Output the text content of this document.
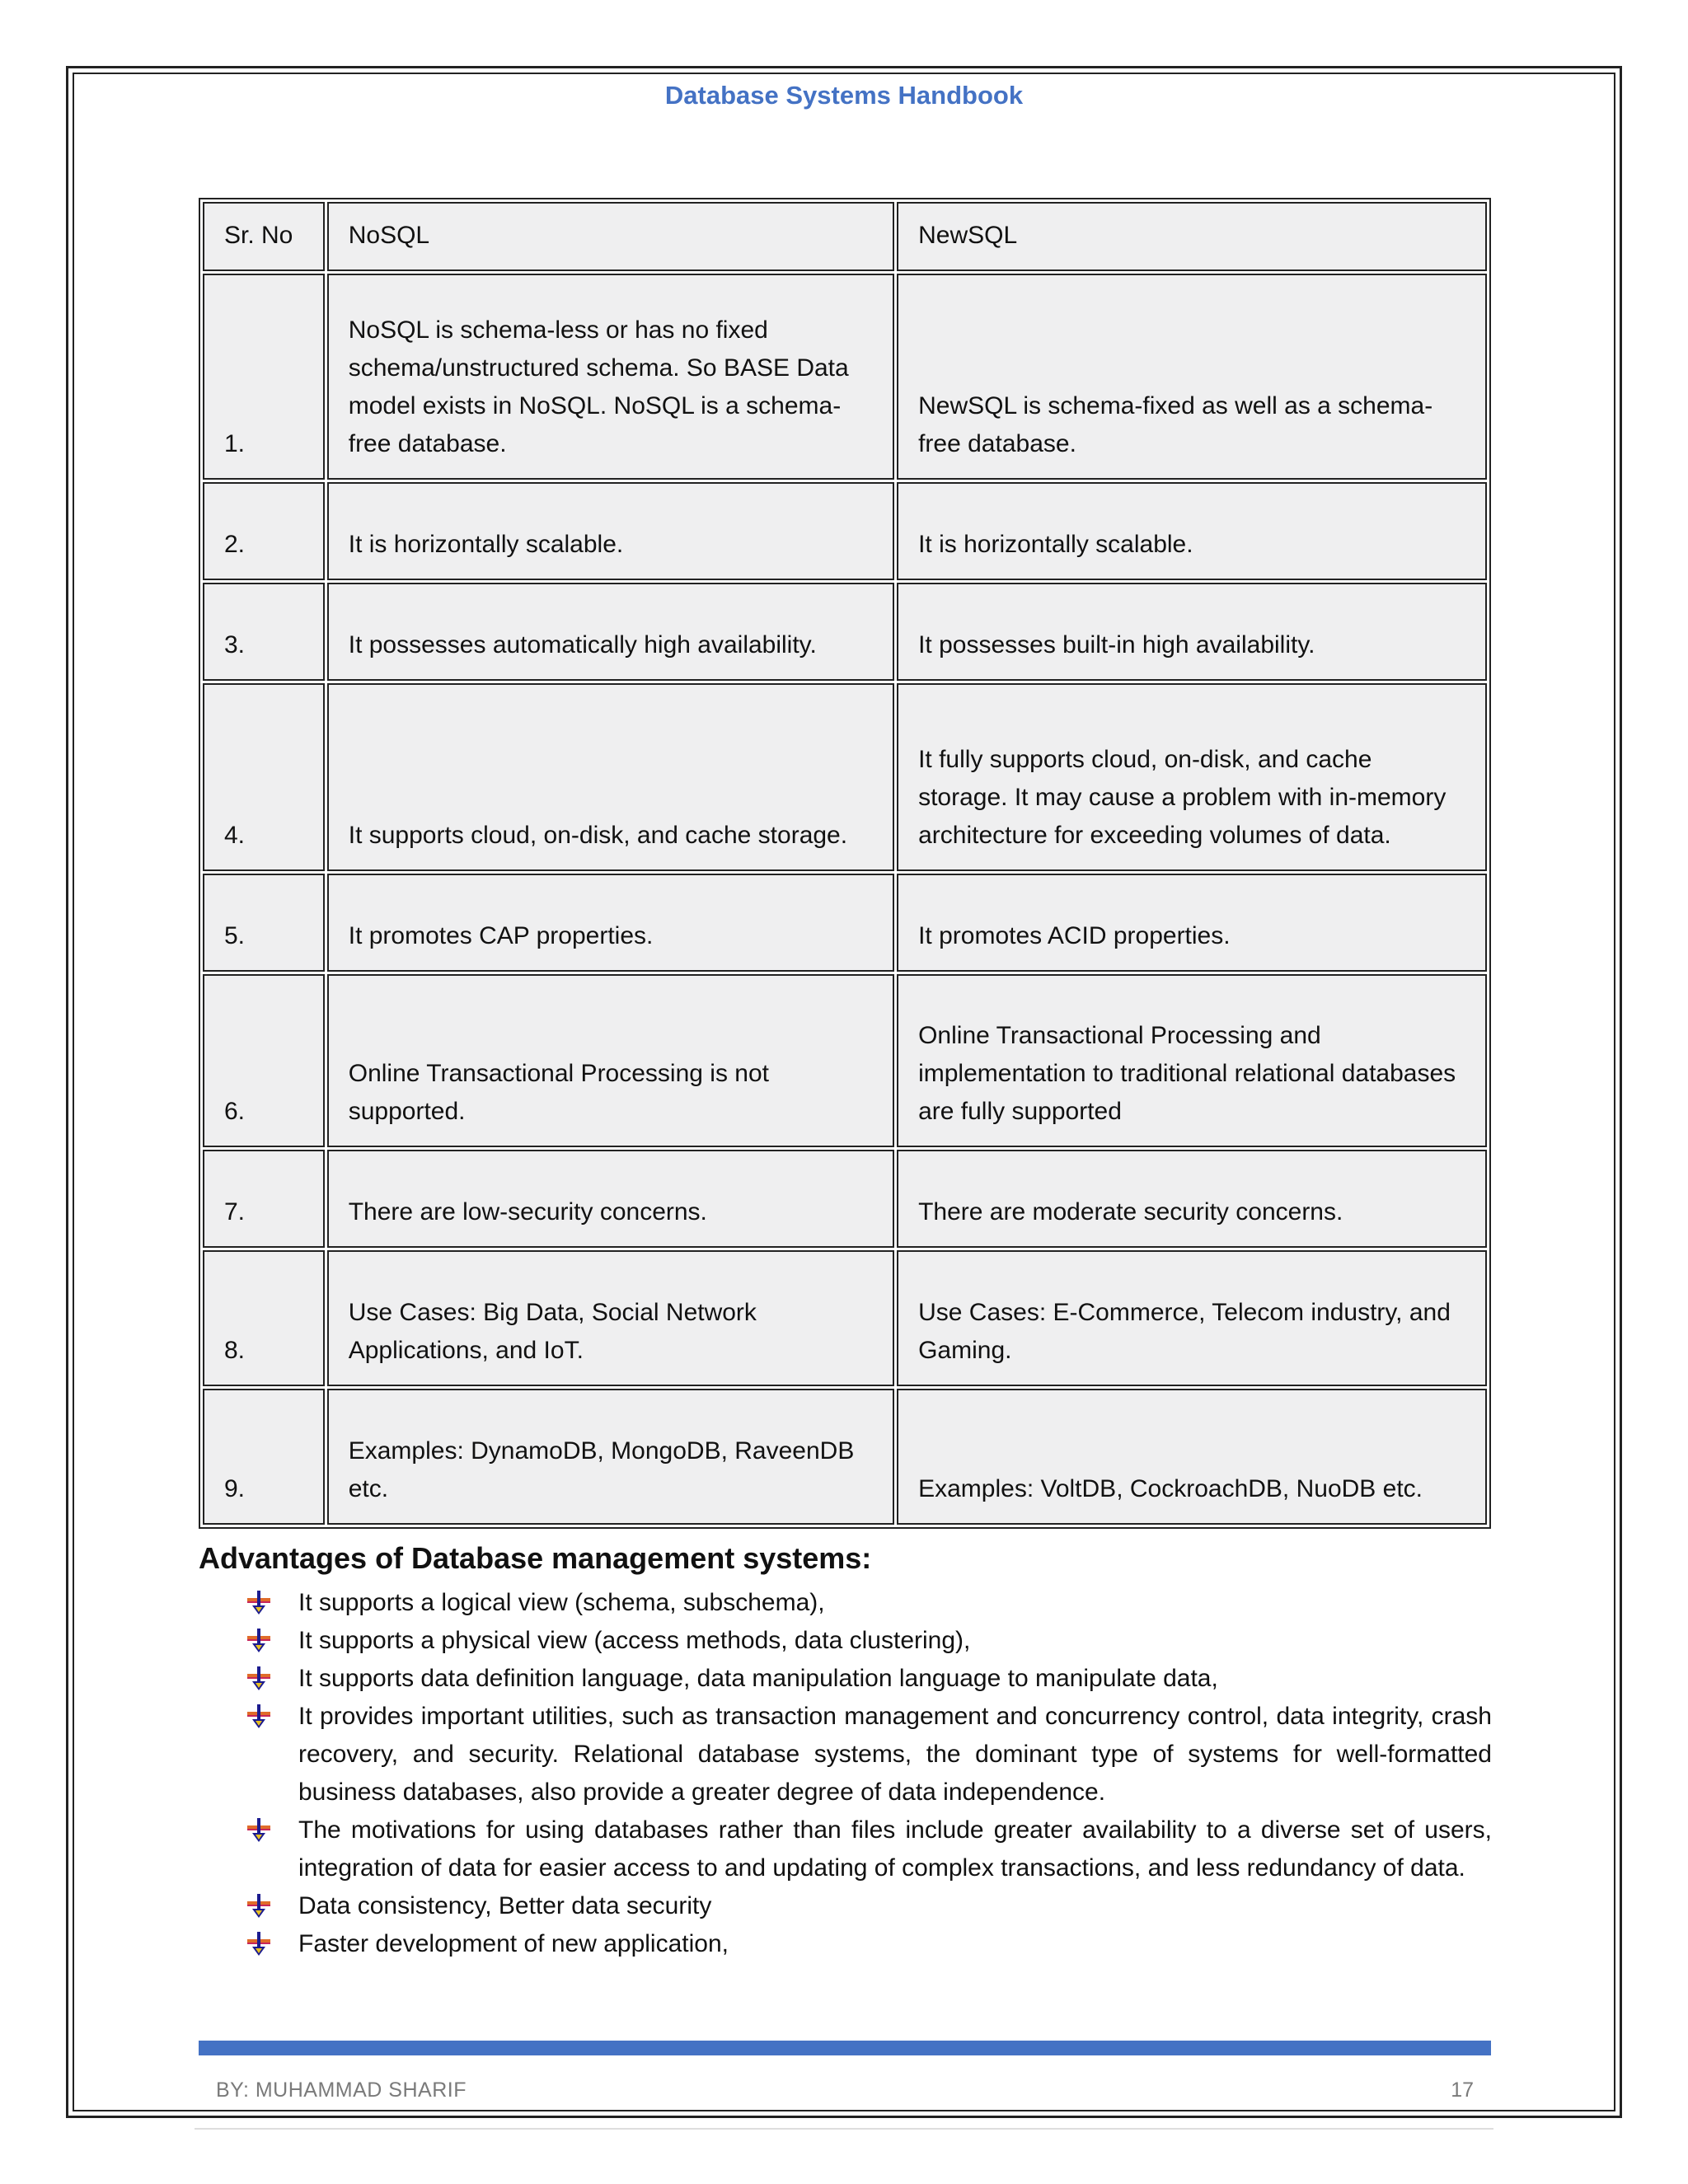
Database Systems Handbook
Sr. No	NoSQL	NewSQL
1.	NoSQL is schema-less or has no fixed schema/unstructured schema. So BASE Data model exists in NoSQL. NoSQL is a schema-free database.	NewSQL is schema-fixed as well as a schema-free database.
2.	It is horizontally scalable.	It is horizontally scalable.
3.	It possesses automatically high availability.	It possesses built-in high availability.
4.	It supports cloud, on-disk, and cache storage.	It fully supports cloud, on-disk, and cache storage. It may cause a problem with in-memory architecture for exceeding volumes of data.
5.	It promotes CAP properties.	It promotes ACID properties.
6.	Online Transactional Processing is not supported.	Online Transactional Processing and implementation to traditional relational databases are fully supported
7.	There are low-security concerns.	There are moderate security concerns.
8.	Use Cases: Big Data, Social Network Applications, and IoT.	Use Cases: E-Commerce, Telecom industry, and Gaming.
9.	Examples: DynamoDB, MongoDB, RaveenDB etc.	Examples: VoltDB, CockroachDB, NuoDB etc.
Advantages of Database management systems:
It supports a logical view (schema, subschema),
It supports a physical view (access methods, data clustering),
It supports data definition language, data manipulation language to manipulate data,
It provides important utilities, such as transaction management and concurrency control, data integrity, crash recovery, and security. Relational database systems, the dominant type of systems for well-formatted business databases, also provide a greater degree of data independence.
The motivations for using databases rather than files include greater availability to a diverse set of users, integration of data for easier access to and updating of complex transactions, and less redundancy of data.
Data consistency, Better data security
Faster development of new application,
BY: MUHAMMAD SHARIF	17
